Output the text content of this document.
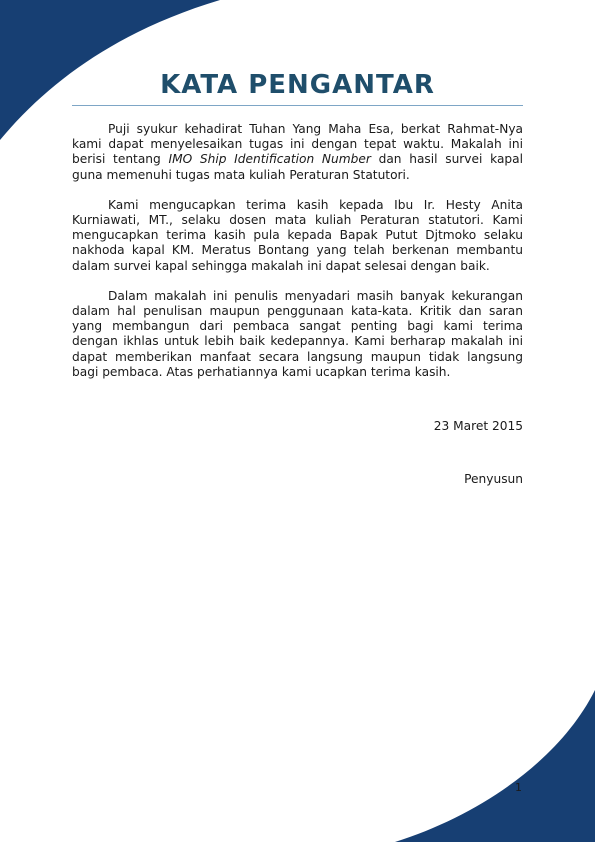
KATA PENGANTAR

Puji syukur kehadirat Tuhan Yang Maha Esa, berkat Rahmat-Nya kami dapat menyelesaikan tugas ini dengan tepat waktu. Makalah ini berisi tentang IMO Ship Identification Number dan hasil survei kapal guna memenuhi tugas mata kuliah Peraturan Statutori.

Kami mengucapkan terima kasih kepada Ibu Ir. Hesty Anita Kurniawati, MT., selaku dosen mata kuliah Peraturan statutori. Kami mengucapkan terima kasih pula kepada Bapak Putut Djtmoko selaku nakhoda kapal KM. Meratus Bontang yang telah berkenan membantu dalam survei kapal sehingga makalah ini dapat selesai dengan baik.

Dalam makalah ini penulis menyadari masih banyak kekurangan dalam hal penulisan maupun penggunaan kata-kata. Kritik dan saran yang membangun dari pembaca sangat penting bagi kami terima dengan ikhlas untuk lebih baik kedepannya. Kami berharap makalah ini dapat memberikan manfaat secara langsung maupun tidak langsung bagi pembaca. Atas perhatiannya kami ucapkan terima kasih.

23 Maret 2015
Penyusun
1
